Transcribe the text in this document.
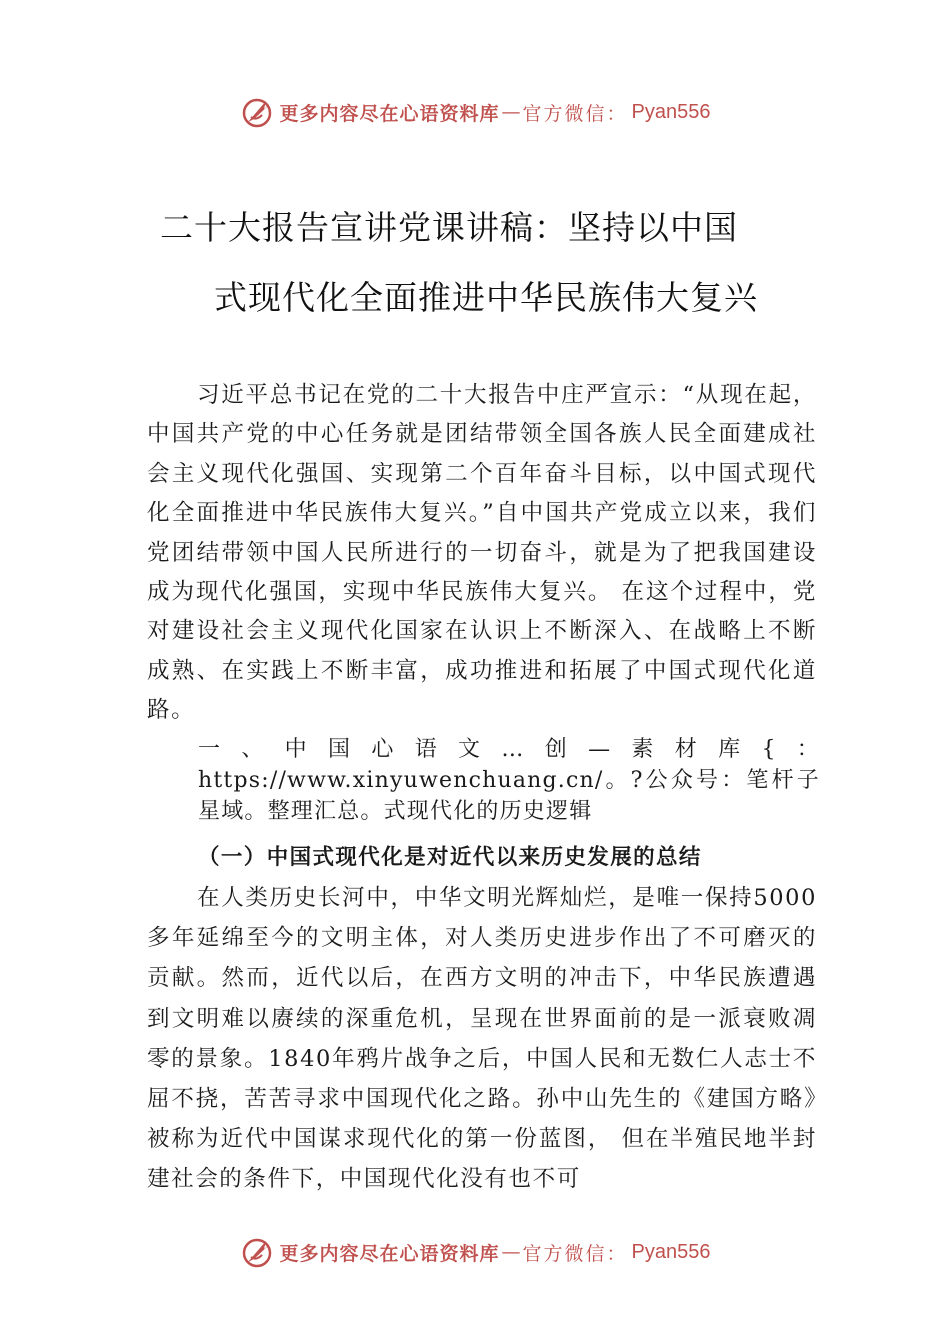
更多内容尽在心语资料库 — 官方微信： Pyan556
二十大报告宣讲党课讲稿：坚持以中国
式现代化全面推进中华民族伟大复兴

习近平总书记在党的二十大报告中庄严宣示：“从现在起，中国共产党的中心任务就是团结带领全国各族人民全面建成社会主义现代化强国、实现第二个百年奋斗目标，以中国式现代化全面推进中华民族伟大复兴。”自中国共产党成立以来，我们党团结带领中国人民所进行的一切奋斗，就是为了把我国建设成为现代化强国，实现中华民族伟大复兴。 在这个过程中，党对建设社会主义现代化国家在认识上不断深入、在战略上不断成熟、在实践上不断丰富，成功推进和拓展了中国式现代化道路。

一、中国心语文…创—素材库{：https://www.xinyuwenchuang.cn/。?公众号：笔杆子星域。整理汇总。式现代化的历史逻辑

（一）中国式现代化是对近代以来历史发展的总结

在人类历史长河中，中华文明光辉灿烂，是唯一保持5000多年延绵至今的文明主体，对人类历史进步作出了不可磨灭的贡献。然而，近代以后，在西方文明的冲击下，中华民族遭遇到文明难以赓续的深重危机，呈现在世界面前的是一派衰败凋零的景象。1840年鸦片战争之后，中国人民和无数仁人志士不屈不挠，苦苦寻求中国现代化之路。孙中山先生的《建国方略》被称为近代中国谋求现代化的第一份蓝图， 但在半殖民地半封建社会的条件下，中国现代化没有也不可

更多内容尽在心语资料库 — 官方微信： Pyan556
